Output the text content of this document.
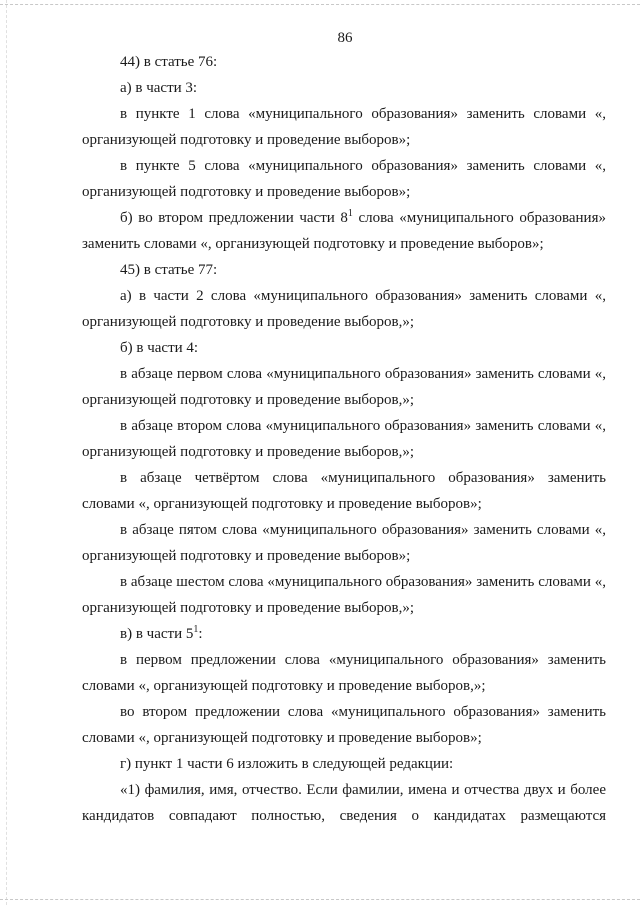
86

44) в статье 76:

а) в части 3:

в пункте 1 слова «муниципального образования» заменить словами «, организующей подготовку и проведение выборов»;

в пункте 5 слова «муниципального образования» заменить словами «, организующей подготовку и проведение выборов»;

б) во втором предложении части $8^1$ слова «муниципального образования» заменить словами «, организующей подготовку и проведение выборов»;

45) в статье 77:

а) в части 2 слова «муниципального образования» заменить словами «, организующей подготовку и проведение выборов,»;

б) в части 4:

в абзаце первом слова «муниципального образования» заменить словами «, организующей подготовку и проведение выборов,»;

в абзаце втором слова «муниципального образования» заменить словами «, организующей подготовку и проведение выборов,»;

в абзаце четвёртом слова «муниципального образования» заменить словами «, организующей подготовку и проведение выборов»;

в абзаце пятом слова «муниципального образования» заменить словами «, организующей подготовку и проведение выборов»;

в абзаце шестом слова «муниципального образования» заменить словами «, организующей подготовку и проведение выборов,»;

в) в части $5^1$:

в первом предложении слова «муниципального образования» заменить словами «, организующей подготовку и проведение выборов,»;

во втором предложении слова «муниципального образования» заменить словами «, организующей подготовку и проведение выборов»;

г) пункт 1 части 6 изложить в следующей редакции:

«1) фамилия, имя, отчество. Если фамилии, имена и отчества двух и более кандидатов совпадают полностью, сведения о кандидатах размещаются
